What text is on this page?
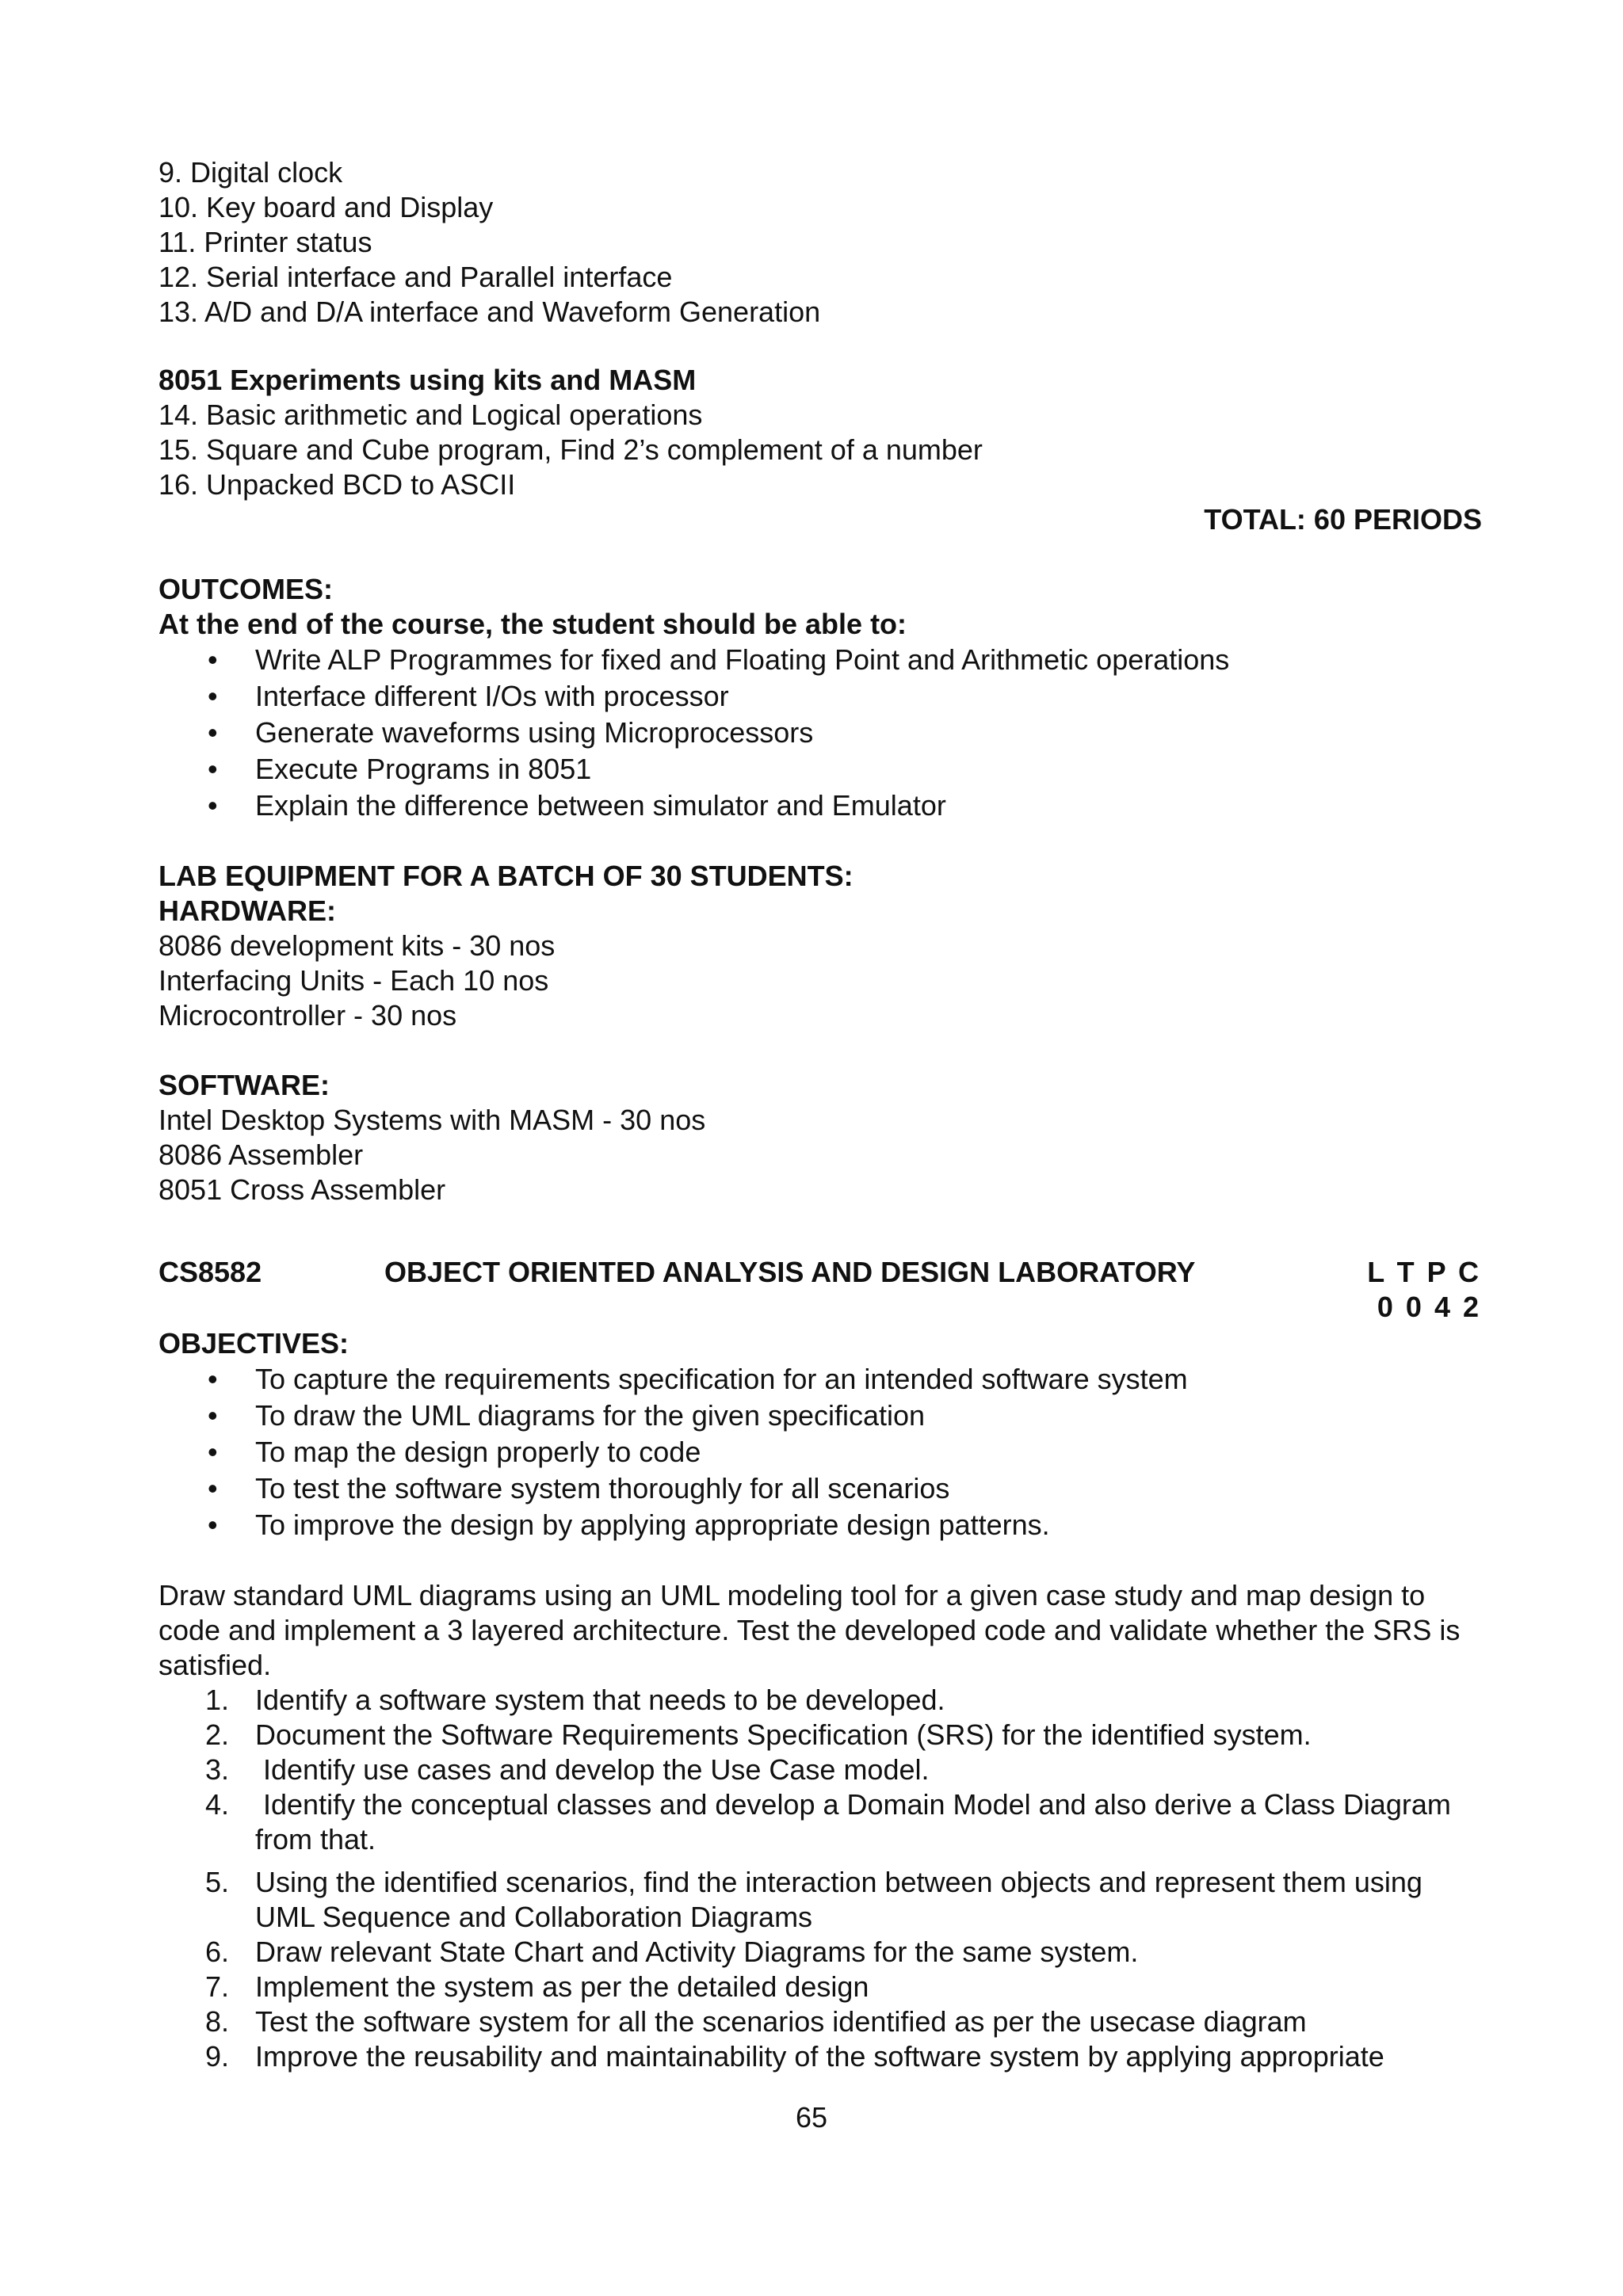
9. Digital clock
10. Key board and Display
11. Printer status
12. Serial interface and Parallel interface
13. A/D and D/A interface and Waveform Generation
8051 Experiments using kits and MASM
14. Basic arithmetic and Logical operations
15. Square and Cube program, Find 2’s complement of a number
16. Unpacked BCD to ASCII
TOTAL: 60 PERIODS
OUTCOMES:
At the end of the course, the student should be able to:
• Write ALP Programmes for fixed and Floating Point and Arithmetic operations
• Interface different I/Os with processor
• Generate waveforms using Microprocessors
• Execute Programs in 8051
• Explain the difference between simulator and Emulator
LAB EQUIPMENT FOR A BATCH OF 30 STUDENTS:
HARDWARE:
8086 development kits - 30 nos
Interfacing Units - Each 10 nos
Microcontroller - 30 nos
SOFTWARE:
Intel Desktop Systems with MASM - 30 nos
8086 Assembler
8051 Cross Assembler
CS8582	OBJECT ORIENTED ANALYSIS AND DESIGN LABORATORY	L T P C
0 0 4 2
OBJECTIVES:
• To capture the requirements specification for an intended software system
• To draw the UML diagrams for the given specification
• To map the design properly to code
• To test the software system thoroughly for all scenarios
• To improve the design by applying appropriate design patterns.
Draw standard UML diagrams using an UML modeling tool for a given case study and map design to code and implement a 3 layered architecture. Test the developed code and validate whether the SRS is satisfied.
1. Identify a software system that needs to be developed.
2. Document the Software Requirements Specification (SRS) for the identified system.
3. Identify use cases and develop the Use Case model.
4. Identify the conceptual classes and develop a Domain Model and also derive a Class Diagram from that.
5. Using the identified scenarios, find the interaction between objects and represent them using UML Sequence and Collaboration Diagrams
6. Draw relevant State Chart and Activity Diagrams for the same system.
7. Implement the system as per the detailed design
8. Test the software system for all the scenarios identified as per the usecase diagram
9. Improve the reusability and maintainability of the software system by applying appropriate
65
